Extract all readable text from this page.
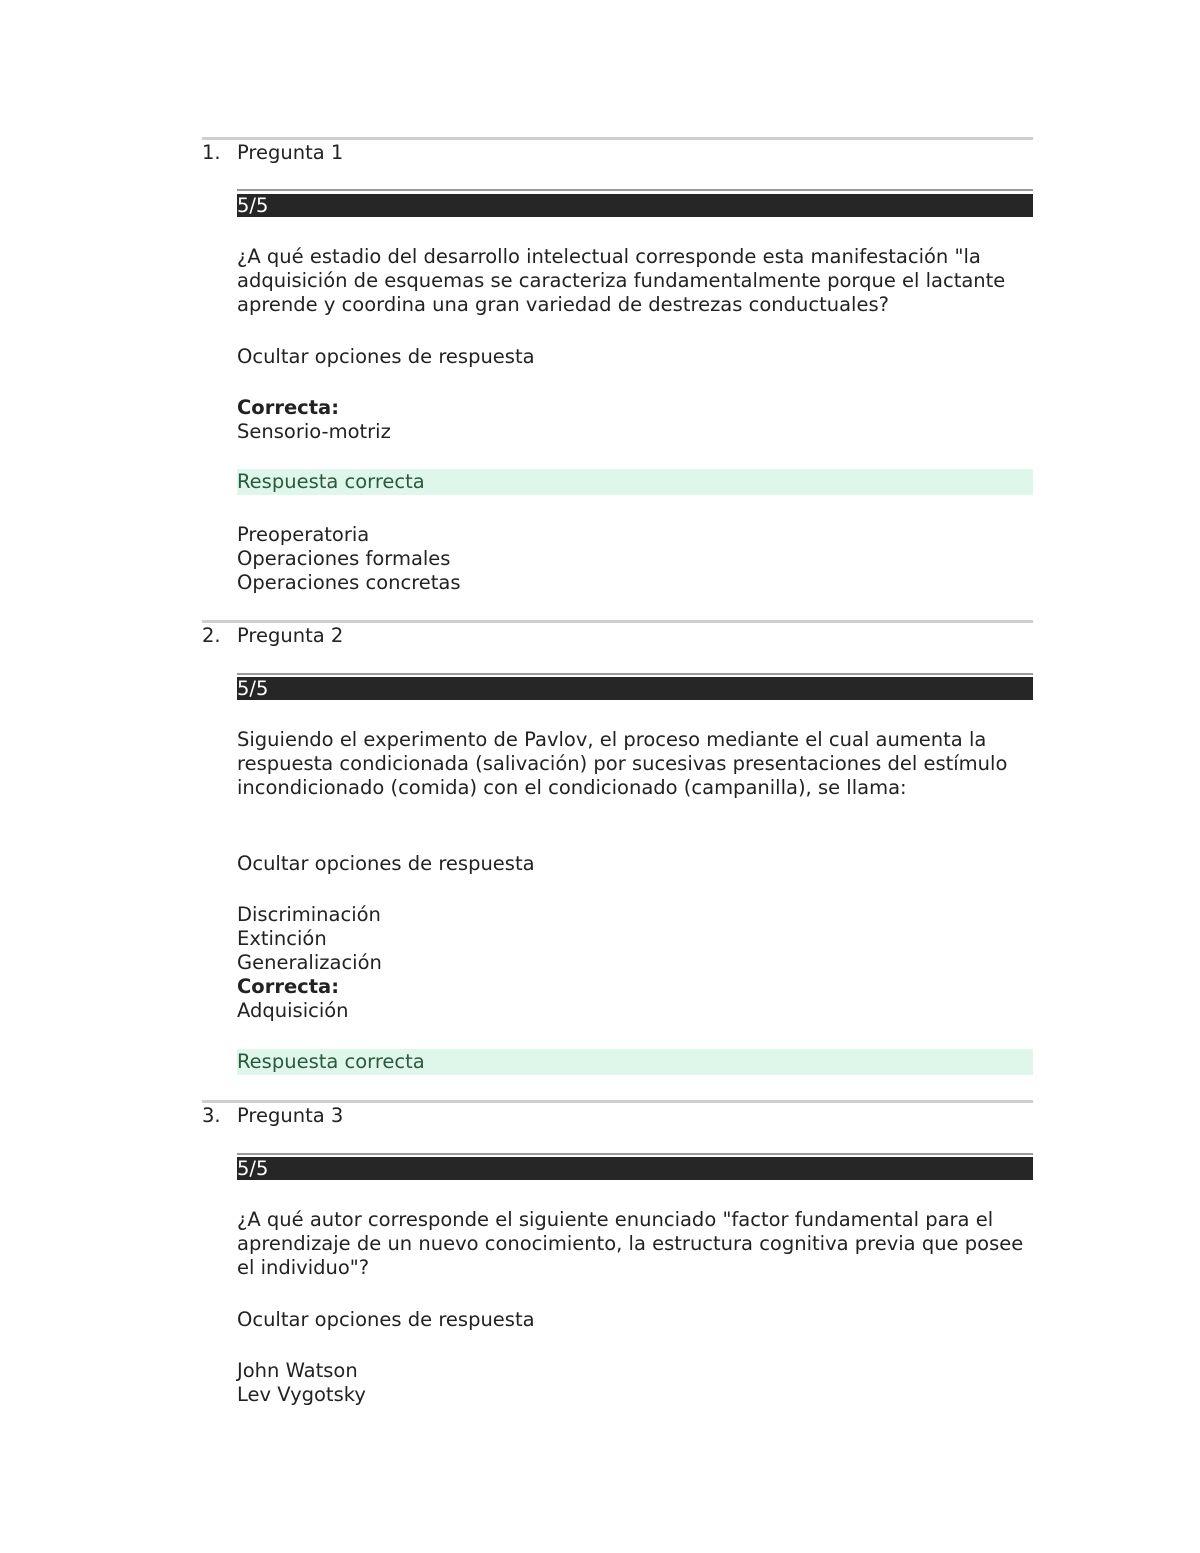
1. Pregunta 1
5/5
¿A qué estadio del desarrollo intelectual corresponde esta manifestación "la adquisición de esquemas se caracteriza fundamentalmente porque el lactante aprende y coordina una gran variedad de destrezas conductuales?
Ocultar opciones de respuesta
Correcta:
Sensorio-motriz
Respuesta correcta
Preoperatoria
Operaciones formales
Operaciones concretas
2. Pregunta 2
5/5
Siguiendo el experimento de Pavlov, el proceso mediante el cual aumenta la respuesta condicionada (salivación) por sucesivas presentaciones del estímulo incondicionado (comida) con el condicionado (campanilla), se llama:
Ocultar opciones de respuesta
Discriminación
Extinción
Generalización
Correcta:
Adquisición
Respuesta correcta
3. Pregunta 3
5/5
¿A qué autor corresponde el siguiente enunciado "factor fundamental para el aprendizaje de un nuevo conocimiento, la estructura cognitiva previa que posee el individuo"?
Ocultar opciones de respuesta
John Watson
Lev Vygotsky
